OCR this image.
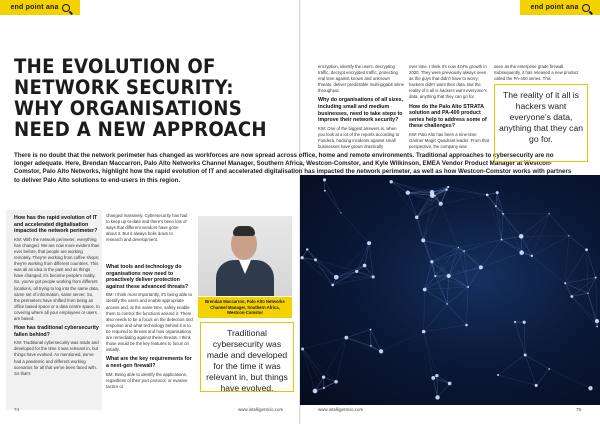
end point ana	end point ana
THE EVOLUTION OF
NETWORK SECURITY:
WHY ORGANISATIONS
NEED A NEW APPROACH
There is no doubt that the network perimeter has changed as workforces are now spread across office, home and remote environments. Traditional approaches to cybersecurity are no longer adequate. Here, Brendan Maccarron, Palo Alto Networks Channel Manager, Southern Africa, Westcon-Comstor, and Kyle Wilkinson, EMEA Vendor Product Manager at Westcon-Comstor, Palo Alto Networks, highlight how the rapid evolution of IT and accelerated digitalisation has impacted the network perimeter, as well as how Westcon-Comstor works with partners to deliver Palo Alto solutions to end-users in this region.

How has the rapid evolution of IT and accelerated digitalisation impacted the network perimeter?

KW: With the network perimeter, everything has changed. We are now more evident than ever before, that people are working remotely. They're working from coffee shops; they're working from different countries. This was all an idea in the past and as things have changed, it's become people's reality. So, you've got people working from different locations, all trying to log into the same data, same set of information, same server. So, the perimeters have shifted from being an office based space or a data centre space, to covering where all your employees or users are based.

How has traditional cybersecurity fallen behind?

KW: Traditional cybersecurity was made and developed for the time it was relevant in, but things have evolved. As mentioned, we've had a pandemic and different working scenarios for all that we've been faced with. So that's

changed massively. Cybersecurity has had to keep up-to-date and there's been lots of ways that different vendors have gone about it. But it always boils down to research and development.

What tools and technology do organisations now need to proactively deliver protection against these advanced threats?

BM: I think most importantly, it's being able to identify the users and enable appropriate access and, at the same time, safely enable them to control the functions around it. There also needs to be a focus on the detection and response and what technology behind it is to be required to threats and how organisations are remediating against these threats. I think those would be the key features to focus on initially.

What are the key requirements for a next-gen firewall?

BM: Being able to identify the applications, regardless of their port protocol, or evasive tactics or

Brendan Maccarron, Palo Alto Networks Channel Manager, Southern Africa, Westcon-Comstor
Traditional cybersecurity was made and developed for the time it was relevant in, but things have evolved.

encryption, identify the users, decrypting traffic, decrypt encrypted traffic, protecting real time against known and unknown threats, deliver predictable multi-gigabit inline throughput.

Why do organisations of all sizes, including small and medium businesses, need to take steps to improve their network security?

KW: One of the biggest answers is, when you look at a lot of the reports according to Fundera, hacking incidents against small businesses have grown drastically

over time. I think it's now 424% growth in 2020. They were previously always seen as the guys that didn't have to worry; hackers didn't want their data. But the reality of it all is hackers want everyone's data, anything that they can go for.

How do the Palo Alto STRATA solution and PA-400 product series help to address some of these challenges?

KW: Palo Alto has been a nine-time Gartner Magic Quadrant leader. From that perspective, the company was

seen as the enterprise grade firewall. Subsequently, it has released a new product called the PA-400 series. This

The reality of it all is hackers want everyone's data, anything that they can go for.
74	www.intelligentcio.com	www.intelligentcio.com	75
